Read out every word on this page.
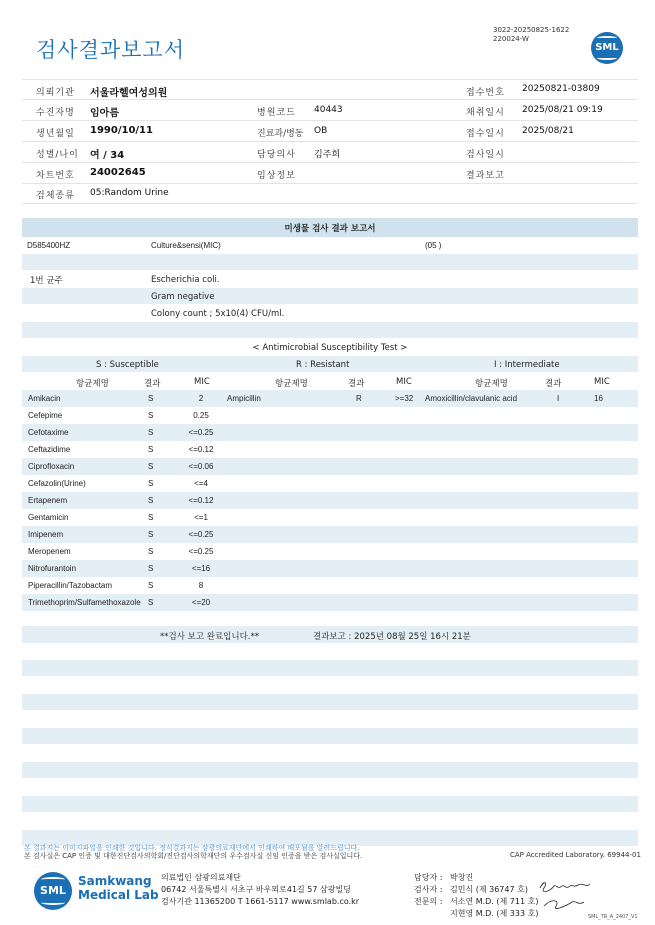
검사결과보고서
3022-20250825-1622
220024-W
SML
의뢰기관 서울라헬여성의원	접수번호 20250821-03809
수진자명 임아름	병원코드 40443	채취일시 2025/08/21 09:19
생년월일 1990/10/11	진료과/병동 OB	접수일시 2025/08/21
성별/나이 여 / 34	담당의사 김주희	검사일시
차트번호 24002645	임상정보	결과보고
검체종류 05:Random Urine
미생물 검사 결과 보고서
D585400HZ	Culture&sensi(MIC)	(05 )
1번 균주	Escherichia coli.
Gram negative
Colony count ; 5x10(4) CFU/ml.
< Antimicrobial Susceptibility Test >
S : Susceptible	R : Resistant	I : Intermediate
항균제명	결과	MIC	항균제명	결과	MIC	항균제명	결과	MIC
Amikacin	S	2	Ampicillin	R	>=32 Amoxicillin/clavulanic acid	I	16
Cefepime	S	0.25
Cefotaxime	S	<=0.25
Ceftazidime	S	<=0.12
Ciprofloxacin	S	<=0.06
Cefazolin(Urine)	S	<=4
Ertapenem	S	<=0.12
Gentamicin	S	<=1
Imipenem	S	<=0.25
Meropenem	S	<=0.25
Nitrofurantoin	S	<=16
Piperacillin/Tazobactam	S	8
Trimethoprim/Sulfamethoxazole S	<=20
**검사 보고 완료입니다.**	결과보고 : 2025년 08월 25일 16시 21분
본 결과지는 이미지파일을 인쇄한 것입니다. 정식결과지는 삼광의료재단에서 인쇄하여 배포됨을 알려드립니다.
본 검사실은 CAP 인증 및 대한진단검사의학회/진단검사의학재단의 우수검사실 신임 인증을 받은 검사실입니다.	CAP Accredited Laboratory. 69944-01
SML
Samkwang
Medical Lab
의료법인 삼광의료재단
06742 서울특별시 서초구 바우뫼로41길 57 삼광빌딩
검사기관 11365200 T 1661-5117 www.smlab.co.kr
담당자 : 박창진
검사자 : 김민식 (제 36747 호)
전문의 : 서소연 M.D. (제 711 호)
지현영 M.D. (제 333 호)	SML_TR_A_2407_V1
